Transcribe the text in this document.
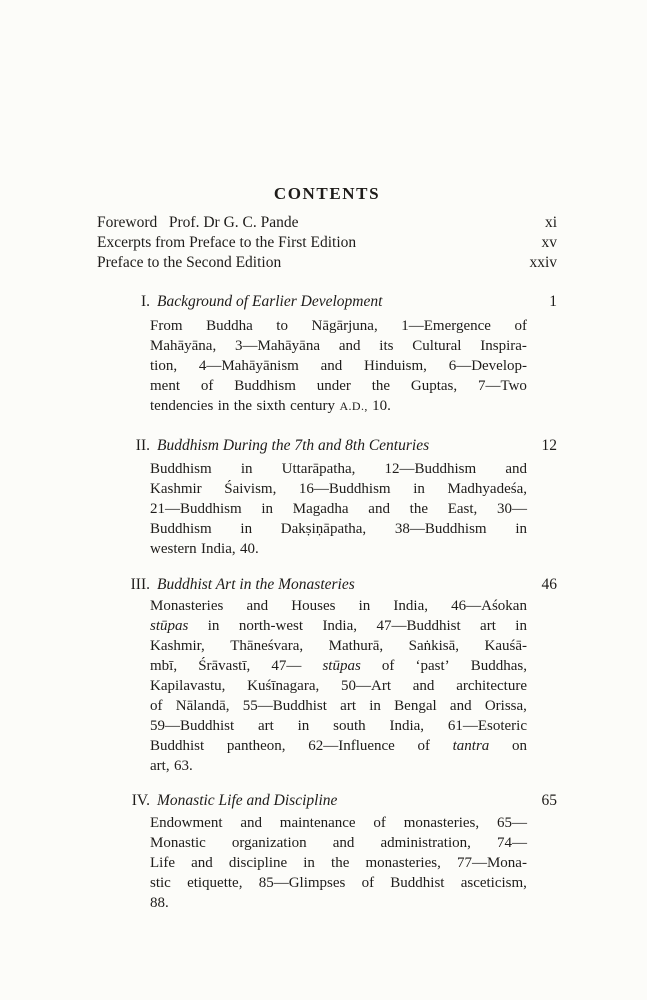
CONTENTS
Foreword  Prof. Dr G. C. Pande	xi
Excerpts from Preface to the First Edition	xv
Preface to the Second Edition	xxiv
I. Background of Earlier Development	1
From Buddha to Nāgārjuna, 1—Emergence of
Mahāyāna, 3—Mahāyāna and its Cultural Inspira-
tion, 4—Mahāyānism and Hinduism, 6—Develop-
ment of Buddhism under the Guptas, 7—Two
tendencies in the sixth century A.D., 10.
II. Buddhism During the 7th and 8th Centuries	12
Buddhism in Uttarāpatha, 12—Buddhism and
Kashmir Śaivism, 16—Buddhism in Madhyadeśa,
21—Buddhism in Magadha and the East, 30—
Buddhism in Dakṣiṇāpatha, 38—Buddhism in
western India, 40.
III. Buddhist Art in the Monasteries	46
Monasteries and Houses in India, 46—Aśokan
stūpas in north-west India, 47—Buddhist art in
Kashmir, Thāneśvara, Mathurā, Saṅkisā, Kauśā-
mbī, Śrāvastī, 47— stūpas of ‘past’ Buddhas,
Kapilavastu, Kuśīnagara, 50—Art and architecture
of Nālandā, 55—Buddhist art in Bengal and Orissa,
59—Buddhist art in south India, 61—Esoteric
Buddhist pantheon, 62—Influence of tantra on
art, 63.
IV. Monastic Life and Discipline	65
Endowment and maintenance of monasteries, 65—
Monastic organization and administration, 74—
Life and discipline in the monasteries, 77—Mona-
stic etiquette, 85—Glimpses of Buddhist asceticism,
88.
